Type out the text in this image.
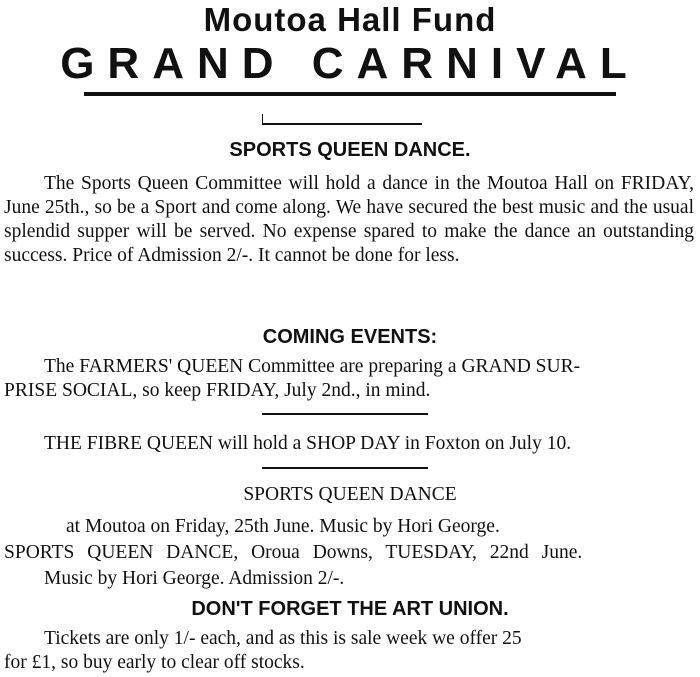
Moutoa Hall Fund
GRAND CARNIVAL
SPORTS QUEEN DANCE.
The Sports Queen Committee will hold a dance in the Moutoa Hall on FRIDAY, June 25th., so be a Sport and come along. We have secured the best music and the usual splendid supper will be served. No expense spared to make the dance an outstanding success. Price of Admission 2/-. It cannot be done for less.
COMING EVENTS:
The FARMERS' QUEEN Committee are preparing a GRAND SUR-
PRISE SOCIAL, so keep FRIDAY, July 2nd., in mind.
THE FIBRE QUEEN will hold a SHOP DAY in Foxton on July 10.
SPORTS QUEEN DANCE
at Moutoa on Friday, 25th June. Music by Hori George.
SPORTS QUEEN DANCE, Oroua Downs, TUESDAY, 22nd June.
Music by Hori George. Admission 2/-.
DON'T FORGET THE ART UNION.
Tickets are only 1/- each, and as this is sale week we offer 25
for £1, so buy early to clear off stocks.
